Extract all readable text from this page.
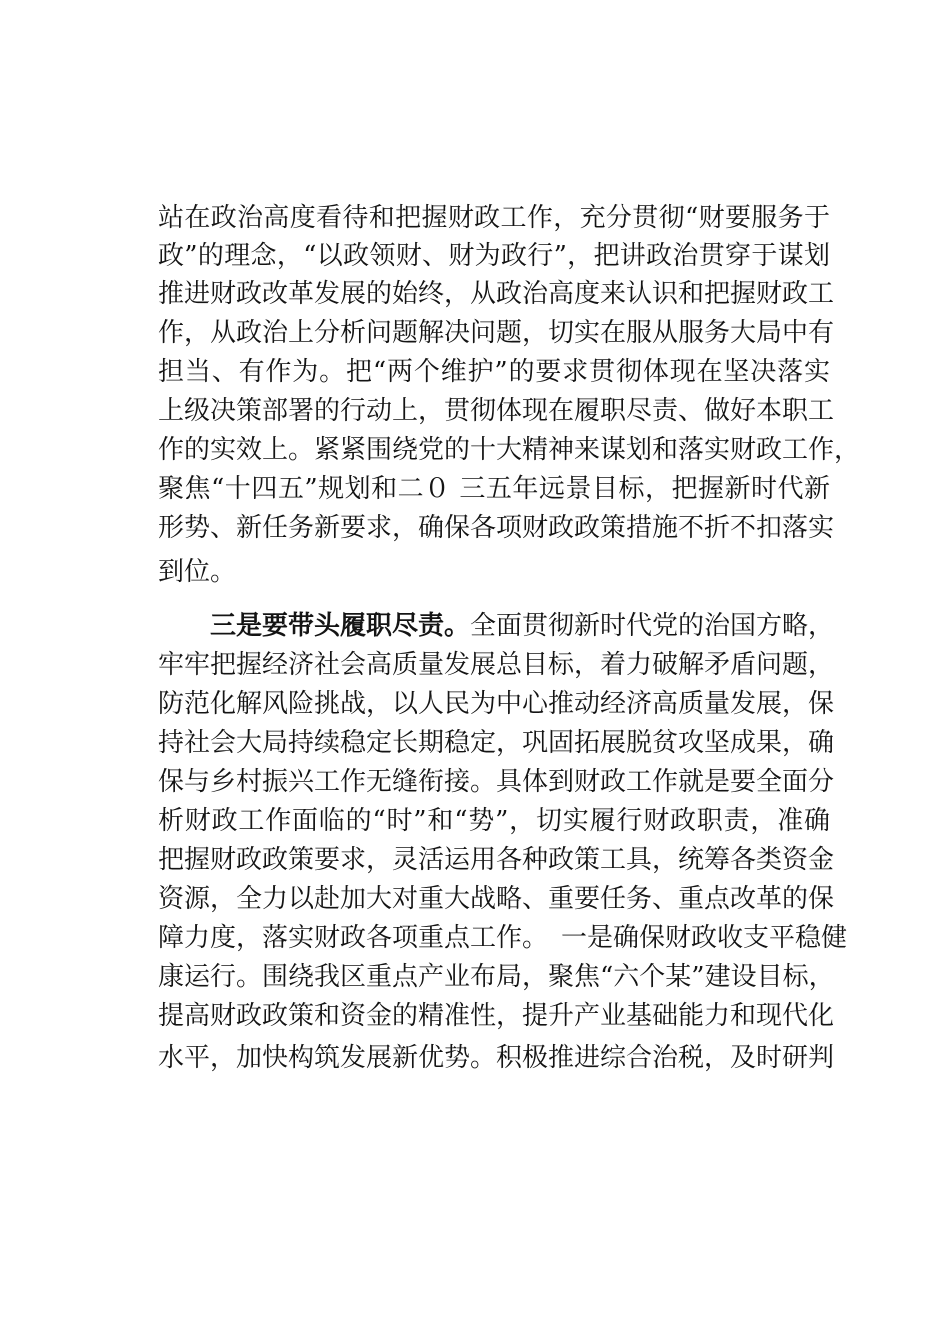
站在政治高度看待和把握财政工作，充分贯彻“财要服务于
政”的理念，“以政领财、财为政行”，把讲政治贯穿于谋划
推进财政改革发展的始终，从政治高度来认识和把握财政工
作，从政治上分析问题解决问题，切实在服从服务大局中有
担当、有作为。把“两个维护”的要求贯彻体现在坚决落实
上级决策部署的行动上，贯彻体现在履职尽责、做好本职工
作的实效上。紧紧围绕党的十大精神来谋划和落实财政工作，
聚焦“十四五”规划和二０ 三五年远景目标，把握新时代新
形势、新任务新要求，确保各项财政政策措施不折不扣落实
到位。
三是要带头履职尽责。全面贯彻新时代党的治国方略，
牢牢把握经济社会高质量发展总目标，着力破解矛盾问题，
防范化解风险挑战，以人民为中心推动经济高质量发展，保
持社会大局持续稳定长期稳定，巩固拓展脱贫攻坚成果，确
保与乡村振兴工作无缝衔接。具体到财政工作就是要全面分
析财政工作面临的“时”和“势”，切实履行财政职责，准确
把握财政政策要求，灵活运用各种政策工具，统筹各类资金
资源，全力以赴加大对重大战略、重要任务、重点改革的保
障力度，落实财政各项重点工作。　一是确保财政收支平稳健
康运行。围绕我区重点产业布局，聚焦“六个某”建设目标，
提高财政政策和资金的精准性，提升产业基础能力和现代化
水平，加快构筑发展新优势。积极推进综合治税，及时研判
